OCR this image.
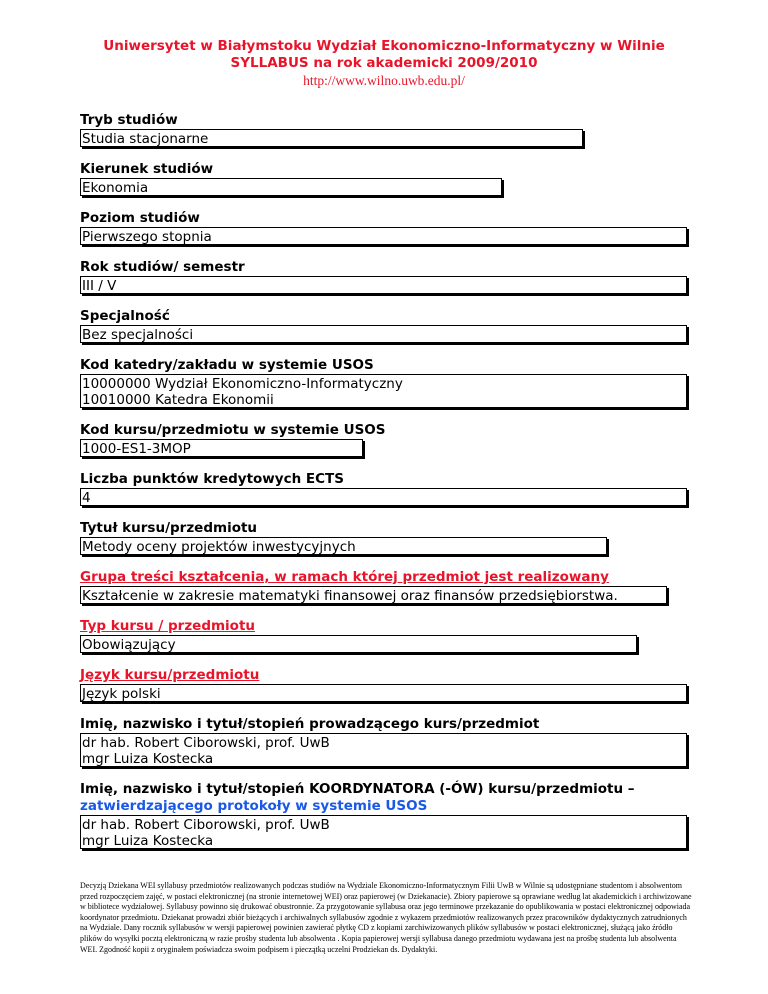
Uniwersytet w Białymstoku Wydział Ekonomiczno-Informatyczny w Wilnie
SYLLABUS na rok akademicki 2009/2010
http://www.wilno.uwb.edu.pl/
Tryb studiów
Studia stacjonarne
Kierunek studiów
Ekonomia
Poziom studiów
Pierwszego stopnia
Rok studiów/ semestr
III / V
Specjalność
Bez specjalności
Kod katedry/zakładu w systemie USOS
10000000 Wydział Ekonomiczno-Informatyczny
10010000 Katedra Ekonomii
Kod kursu/przedmiotu w systemie USOS
1000-ES1-3MOP
Liczba punktów kredytowych ECTS
4
Tytuł kursu/przedmiotu
Metody oceny projektów inwestycyjnych
Grupa treści kształcenia, w ramach której przedmiot jest realizowany
Kształcenie w zakresie matematyki finansowej oraz finansów przedsiębiorstwa.
Typ kursu / przedmiotu
Obowiązujący
Język kursu/przedmiotu
Język polski
Imię, nazwisko i tytuł/stopień prowadzącego kurs/przedmiot
dr hab. Robert Ciborowski, prof. UwB
mgr Luiza Kostecka
Imię, nazwisko i tytuł/stopień KOORDYNATORA (-ÓW) kursu/przedmiotu –
zatwierdzającego protokoły w systemie USOS
dr hab. Robert Ciborowski, prof. UwB
mgr Luiza Kostecka
Decyzją Dziekana WEI syllabusy przedmiotów realizowanych podczas studiów na Wydziale Ekonomiczno-Informatycznym Filii UwB w Wilnie są udostępniane studentom i absolwentom przed rozpoczęciem zajęć, w postaci elektronicznej (na stronie internetowej WEI) oraz papierowej (w Dziekanacie). Zbiory papierowe są oprawiane według lat akademickich i archiwizowane w bibliotece wydziałowej. Syllabusy powinno się drukować obustronnie. Za przygotowanie syllabusa oraz jego terminowe przekazanie do opublikowania w postaci elektronicznej odpowiada koordynator przedmiotu. Dziekanat prowadzi zbiór bieżących i archiwalnych syllabusów zgodnie z wykazem przedmiotów realizowanych przez pracowników dydaktycznych zatrudnionych na Wydziale. Dany rocznik syllabusów w wersji papierowej powinien zawierać płytkę CD z kopiami zarchiwizowanych plików syllabusów w postaci elektronicznej, służącą jako źródło plików do wysyłki pocztą elektroniczną w razie prośby studenta lub absolwenta . Kopia papierowej wersji syllabusa danego przedmiotu wydawana jest na prośbę studenta lub absolwenta WEI. Zgodność kopii z oryginałem poświadcza swoim podpisem i pieczątką uczelni Prodziekan ds. Dydaktyki.
